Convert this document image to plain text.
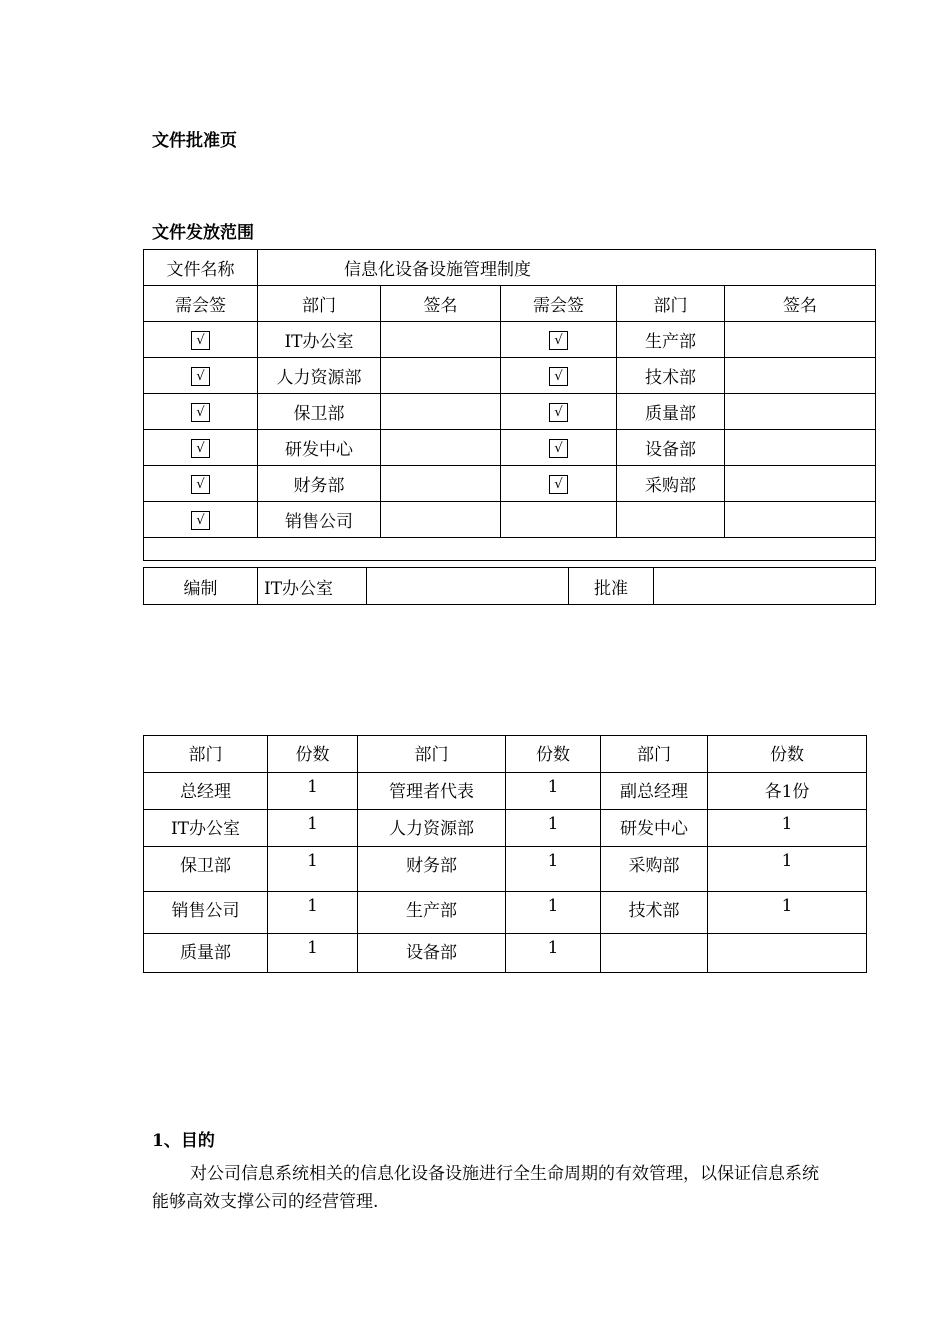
文件批准页
文件发放范围
文件名称	信息化设备设施管理制度				
需会签	部门	签名	需会签	部门	签名
√	IT办公室		√	生产部	
√	人力资源部		√	技术部	
√	保卫部		√	质量部	
√	研发中心		√	设备部	
√	财务部		√	采购部	
√	销售公司				

编制	IT办公室		批准	
部门	份数	部门	份数	部门	份数
总经理	1	管理者代表	1	副总经理	各1份
IT办公室	1	人力资源部	1	研发中心	1
保卫部	1	财务部	1	采购部	1
销售公司	1	生产部	1	技术部	1
质量部	1	设备部	1		
1、目的

对公司信息系统相关的信息化设备设施进行全生命周期的有效管理，以保证信息系统能够高效支撑公司的经营管理.
